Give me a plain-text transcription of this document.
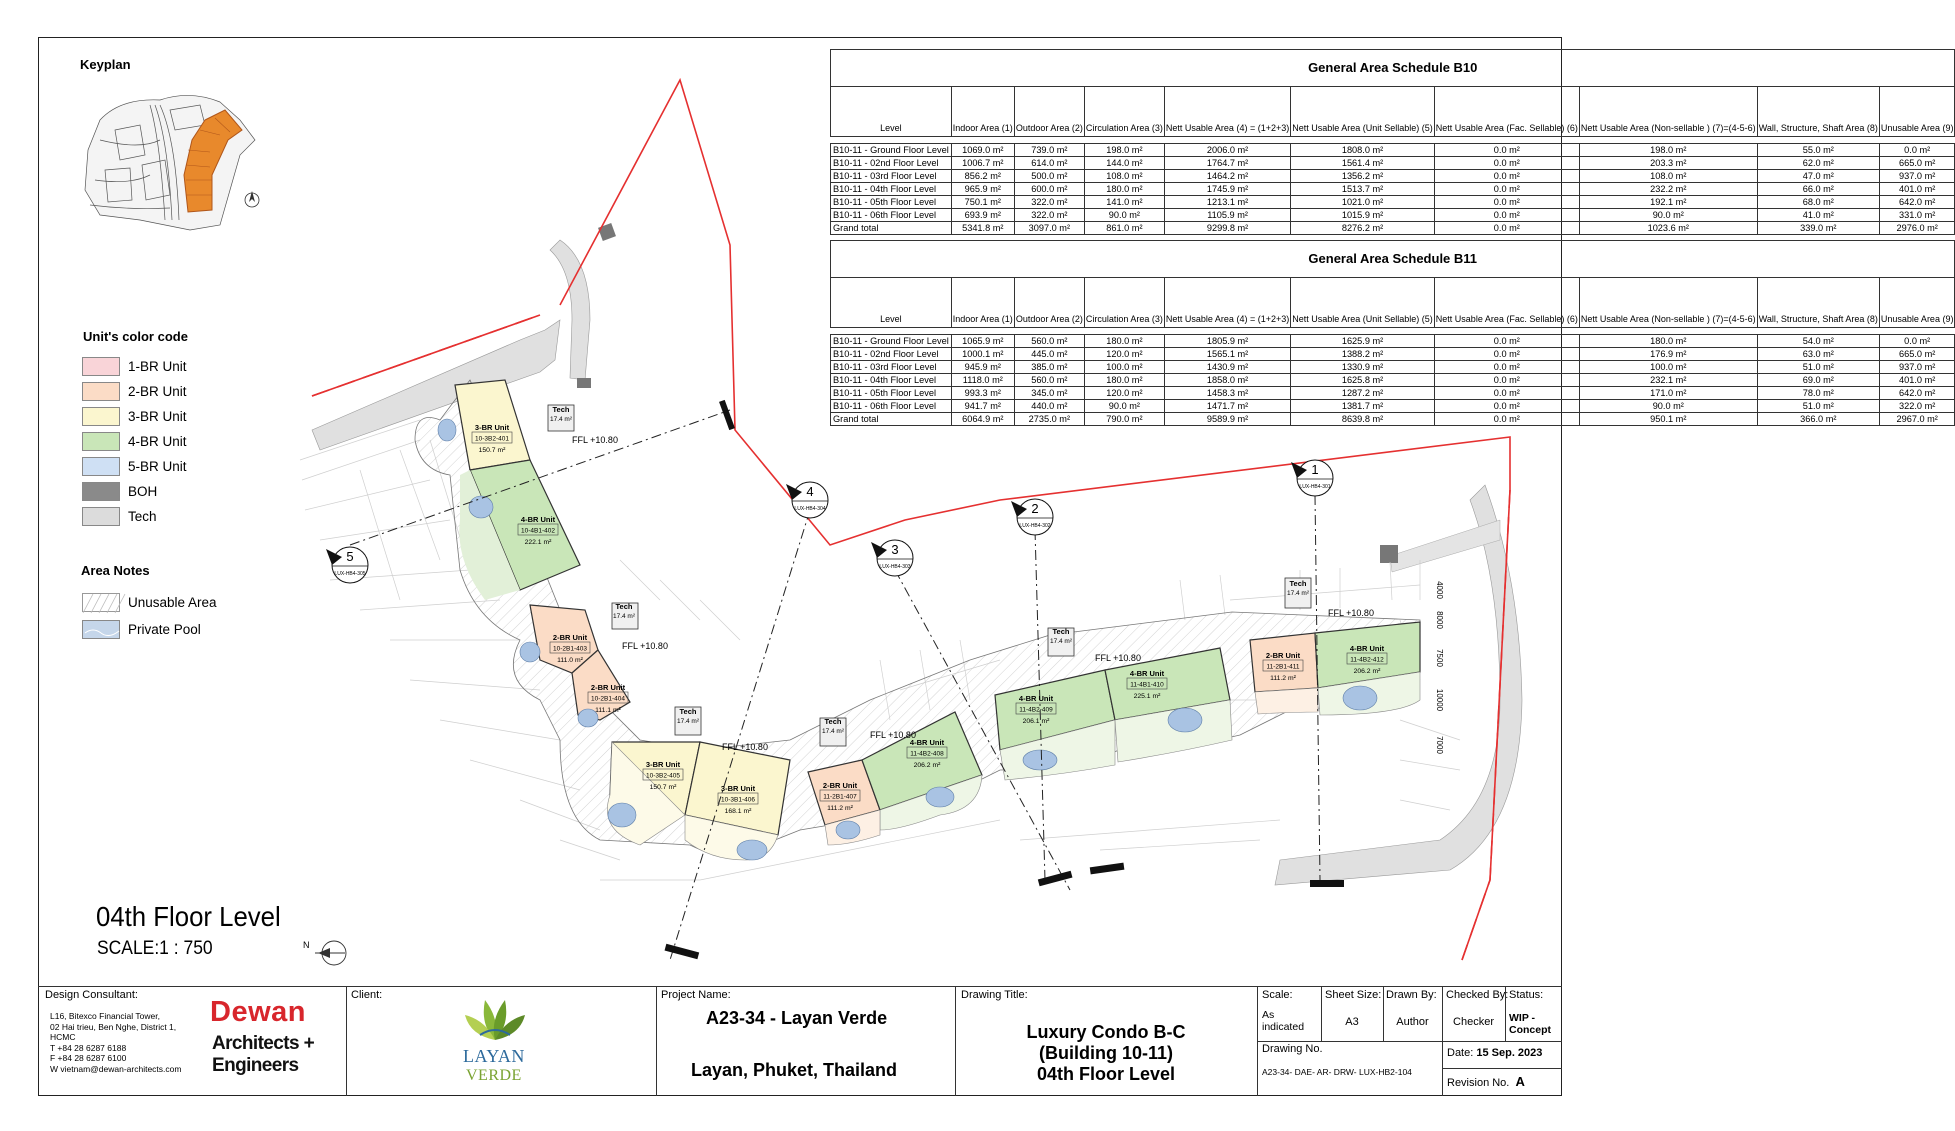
Keyplan
Unit's color code
1-BR Unit
2-BR Unit
3-BR Unit
4-BR Unit
5-BR Unit
BOH
Tech
Area Notes
Unusable Area
Private Pool
General Area Schedule B10
Level	Indoor Area (1)	Outdoor Area (2)	Circulation Area (3)	Nett Usable Area (4) = (1+2+3)	Nett Usable Area (Unit Sellable) (5)	Nett Usable Area (Fac. Sellable) (6)	Nett Usable Area (Non-sellable ) (7)=(4-5-6)	Wall, Structure, Shaft Area (8)	Unusable Area (9)

B10-11 - Ground Floor Level	1069.0 m²	739.0 m²	198.0 m²	2006.0 m²	1808.0 m²	0.0 m²	198.0 m²	55.0 m²	0.0 m²
B10-11 - 02nd Floor Level	1006.7 m²	614.0 m²	144.0 m²	1764.7 m²	1561.4 m²	0.0 m²	203.3 m²	62.0 m²	665.0 m²
B10-11 - 03rd Floor Level	856.2 m²	500.0 m²	108.0 m²	1464.2 m²	1356.2 m²	0.0 m²	108.0 m²	47.0 m²	937.0 m²
B10-11 - 04th Floor Level	965.9 m²	600.0 m²	180.0 m²	1745.9 m²	1513.7 m²	0.0 m²	232.2 m²	66.0 m²	401.0 m²
B10-11 - 05th Floor Level	750.1 m²	322.0 m²	141.0 m²	1213.1 m²	1021.0 m²	0.0 m²	192.1 m²	68.0 m²	642.0 m²
B10-11 - 06th Floor Level	693.9 m²	322.0 m²	90.0 m²	1105.9 m²	1015.9 m²	0.0 m²	90.0 m²	41.0 m²	331.0 m²
Grand total	5341.8 m²	3097.0 m²	861.0 m²	9299.8 m²	8276.2 m²	0.0 m²	1023.6 m²	339.0 m²	2976.0 m²
General Area Schedule B11
Level	Indoor Area (1)	Outdoor Area (2)	Circulation Area (3)	Nett Usable Area (4) = (1+2+3)	Nett Usable Area (Unit Sellable) (5)	Nett Usable Area (Fac. Sellable) (6)	Nett Usable Area (Non-sellable ) (7)=(4-5-6)	Wall, Structure, Shaft Area (8)	Unusable Area (9)

B10-11 - Ground Floor Level	1065.9 m²	560.0 m²	180.0 m²	1805.9 m²	1625.9 m²	0.0 m²	180.0 m²	54.0 m²	0.0 m²
B10-11 - 02nd Floor Level	1000.1 m²	445.0 m²	120.0 m²	1565.1 m²	1388.2 m²	0.0 m²	176.9 m²	63.0 m²	665.0 m²
B10-11 - 03rd Floor Level	945.9 m²	385.0 m²	100.0 m²	1430.9 m²	1330.9 m²	0.0 m²	100.0 m²	51.0 m²	937.0 m²
B10-11 - 04th Floor Level	1118.0 m²	560.0 m²	180.0 m²	1858.0 m²	1625.8 m²	0.0 m²	232.1 m²	69.0 m²	401.0 m²
B10-11 - 05th Floor Level	993.3 m²	345.0 m²	120.0 m²	1458.3 m²	1287.2 m²	0.0 m²	171.0 m²	78.0 m²	642.0 m²
B10-11 - 06th Floor Level	941.7 m²	440.0 m²	90.0 m²	1471.7 m²	1381.7 m²	0.0 m²	90.0 m²	51.0 m²	322.0 m²
Grand total	6064.9 m²	2735.0 m²	790.0 m²	9589.9 m²	8639.8 m²	0.0 m²	950.1 m²	366.0 m²	2967.0 m²
3-BR Unit
10-3B2-401
150.7 m²
4-BR Unit
10-4B1-402
222.1 m²
2-BR Unit
10-2B1-403
111.0 m²
2-BR Unit
10-2B1-404
111.1 m²
3-BR Unit
10-3B2-405
150.7 m²	3-BR Unit
10-3B1-406
168.1 m²
2-BR Unit
11-2B1-407
111.2 m²
4-BR Unit
11-4B2-408
206.2 m²
4-BR Unit
11-4B2-409
206.1 m²
4-BR Unit
11-4B1-410
225.1 m²
2-BR Unit
11-2B1-411
111.2 m²
4-BR Unit
11-4B2-412
206.2 m²
Tech
17.4 m²
Tech
17.4 m²
Tech
17.4 m²	Tech
17.4 m²
Tech
17.4 m²
Tech
17.4 m²
FFL +10.80
FFL +10.80
FFL +10.80
FFL +10.80
FFL +10.80
FFL +10.80
1
LUX-HB4-301
2
LUX-HB4-302
3
LUX-HB4-303
4
LUX-HB4-304
5
LUX-HB4-305
4000
8000
7500
10000
7000
04th Floor Level
SCALE:1 : 750	N
Design Consultant:
L16, Bitexco Financial Tower,
02 Hai trieu, Ben Nghe, District 1,
HCMC
T +84 28 6287 6188
F +84 28 6287 6100
W vietnam@dewan-architects.com
Dewan
Architects +
Engineers
Client:
LAYAN
VERDE
Project Name:
A23-34 - Layan Verde
Layan, Phuket, Thailand
Drawing Title:
Luxury Condo B-C
(Building 10-11)
04th Floor Level
Scale:
As indicated
Sheet Size:
A3
Drawn By:
Author
Checked By:
Checker
Status:
WIP - Concept
Drawing No.
A23-34- DAE- AR- DRW- LUX-HB2-104
Date: 15 Sep. 2023
Revision No. A
